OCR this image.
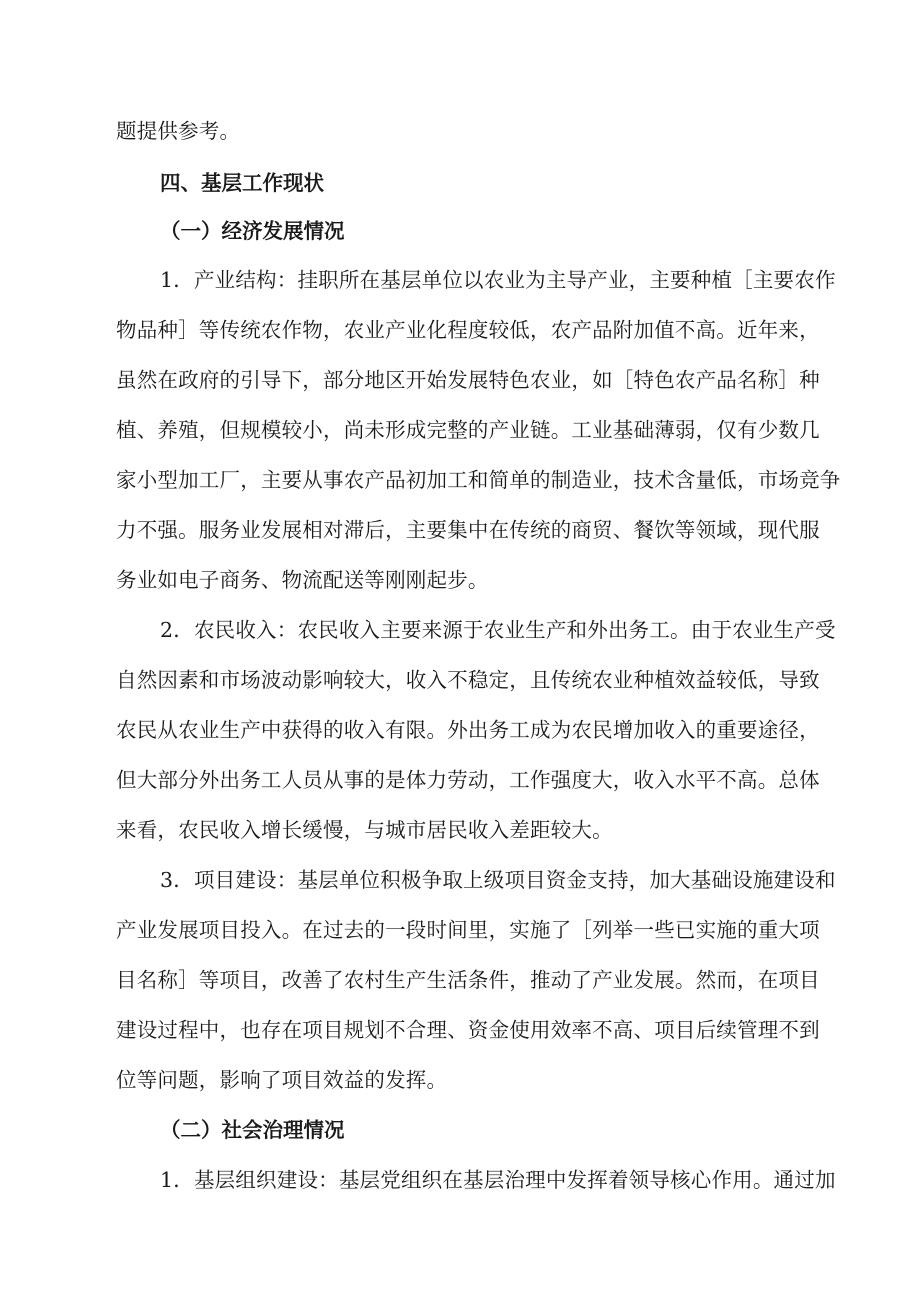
题提供参考。
四、基层工作现状
（一）经济发展情况
1．产业结构：挂职所在基层单位以农业为主导产业，主要种植［主要农作
物品种］等传统农作物，农业产业化程度较低，农产品附加值不高。近年来，
虽然在政府的引导下，部分地区开始发展特色农业，如［特色农产品名称］种
植、养殖，但规模较小，尚未形成完整的产业链。工业基础薄弱，仅有少数几
家小型加工厂，主要从事农产品初加工和简单的制造业，技术含量低，市场竞争
力不强。服务业发展相对滞后，主要集中在传统的商贸、餐饮等领域，现代服
务业如电子商务、物流配送等刚刚起步。
2．农民收入：农民收入主要来源于农业生产和外出务工。由于农业生产受
自然因素和市场波动影响较大，收入不稳定，且传统农业种植效益较低，导致
农民从农业生产中获得的收入有限。外出务工成为农民增加收入的重要途径，
但大部分外出务工人员从事的是体力劳动，工作强度大，收入水平不高。总体
来看，农民收入增长缓慢，与城市居民收入差距较大。
3．项目建设：基层单位积极争取上级项目资金支持，加大基础设施建设和
产业发展项目投入。在过去的一段时间里，实施了［列举一些已实施的重大项
目名称］等项目，改善了农村生产生活条件，推动了产业发展。然而，在项目
建设过程中，也存在项目规划不合理、资金使用效率不高、项目后续管理不到
位等问题，影响了项目效益的发挥。
（二）社会治理情况
1．基层组织建设：基层党组织在基层治理中发挥着领导核心作用。通过加
